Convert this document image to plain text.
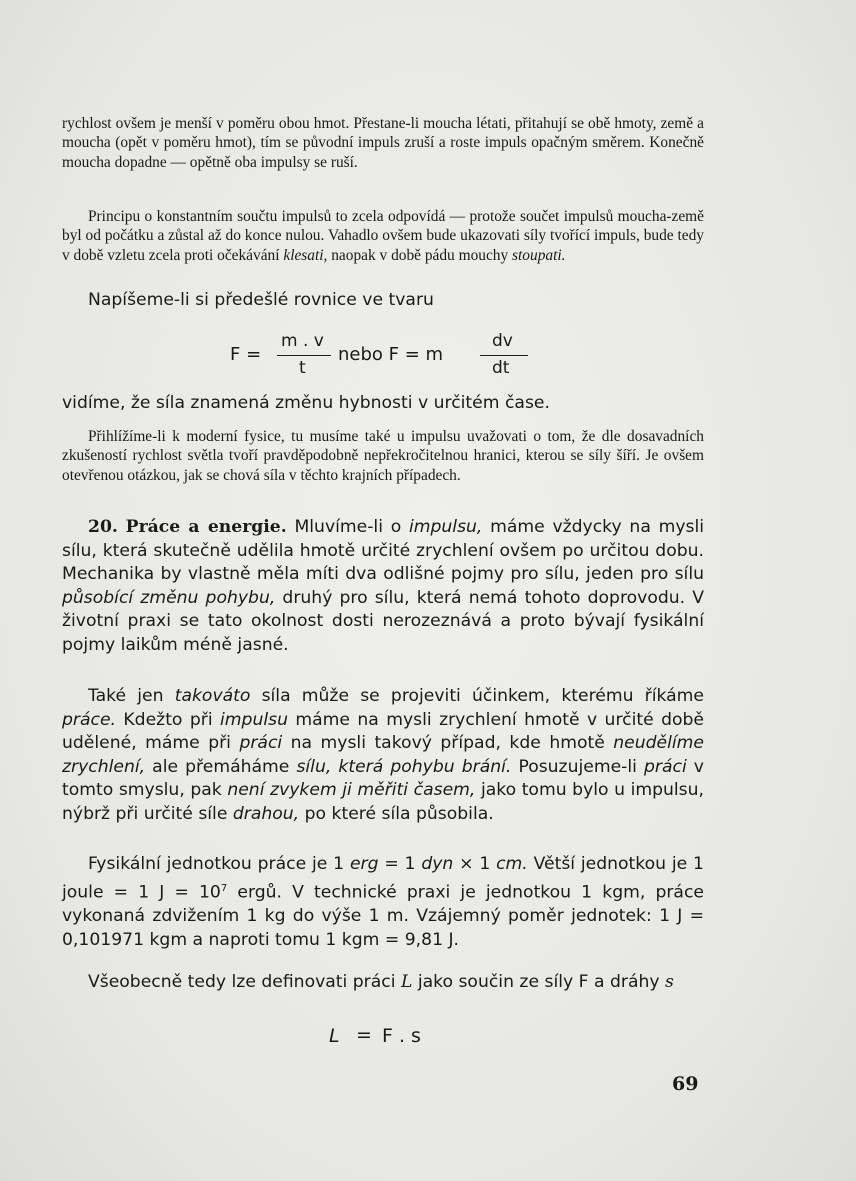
rychlost ovšem je menší v poměru obou hmot. Přestane-li moucha létati, přitahují se obě hmoty, země a moucha (opět v poměru hmot), tím se původní impuls zruší a roste impuls opačným směrem. Konečně moucha dopadne — opětně oba impulsy se ruší.

Principu o konstantním součtu impulsů to zcela odpovídá — protože součet impulsů moucha-země byl od počátku a zůstal až do konce nulou. Vahadlo ovšem bude ukazovati síly tvořící impuls, bude tedy v době vzletu zcela proti očekávání klesati, naopak v době pádu mouchy stoupati.

Napíšeme-li si předešlé rovnice ve tvaru

F =
m . v
t
nebo F = m
dv
dt

vidíme, že síla znamená změnu hybnosti v určitém čase.

Přihlížíme-li k moderní fysice, tu musíme také u impulsu uvažovati o tom, že dle dosavadních zkušeností rychlost světla tvoří pravděpodobně nepřekročitelnou hranici, kterou se síly šíří. Je ovšem otevřenou otázkou, jak se chová síla v těchto krajních případech.

20. Práce a energie. Mluvíme-li o impulsu, máme vždycky na mysli sílu, která skutečně udělila hmotě určité zrychlení ovšem po určitou dobu. Mechanika by vlastně měla míti dva odlišné pojmy pro sílu, jeden pro sílu působící změnu pohybu, druhý pro sílu, která nemá tohoto doprovodu. V životní praxi se tato okolnost dosti nerozeznává a proto bývají fysikální pojmy laikům méně jasné.

Také jen takováto síla může se projeviti účinkem, kterému říkáme práce. Kdežto při impulsu máme na mysli zrychlení hmotě v určité době udělené, máme při práci na mysli takový případ, kde hmotě neudělíme zrychlení, ale přemáháme sílu, která pohybu brání. Posuzujeme-li práci v tomto smyslu, pak není zvykem ji měřiti časem, jako tomu bylo u impulsu, nýbrž při určité síle drahou, po které síla působila.

Fysikální jednotkou práce je 1 erg = 1 dyn × 1 cm. Větší jednotkou je 1 joule = 1 $J = 10^7$ ergů. V technické praxi je jednotkou 1 kgm, práce vykonaná zdvižením 1 kg do výše 1 m. Vzájemný poměr jednotek: 1 J = 0,101971 kgm a naproti tomu 1 kgm = 9,81 J.

Všeobecně tedy lze definovati práci L jako součin ze síly F a dráhy s

L = F . s
69
